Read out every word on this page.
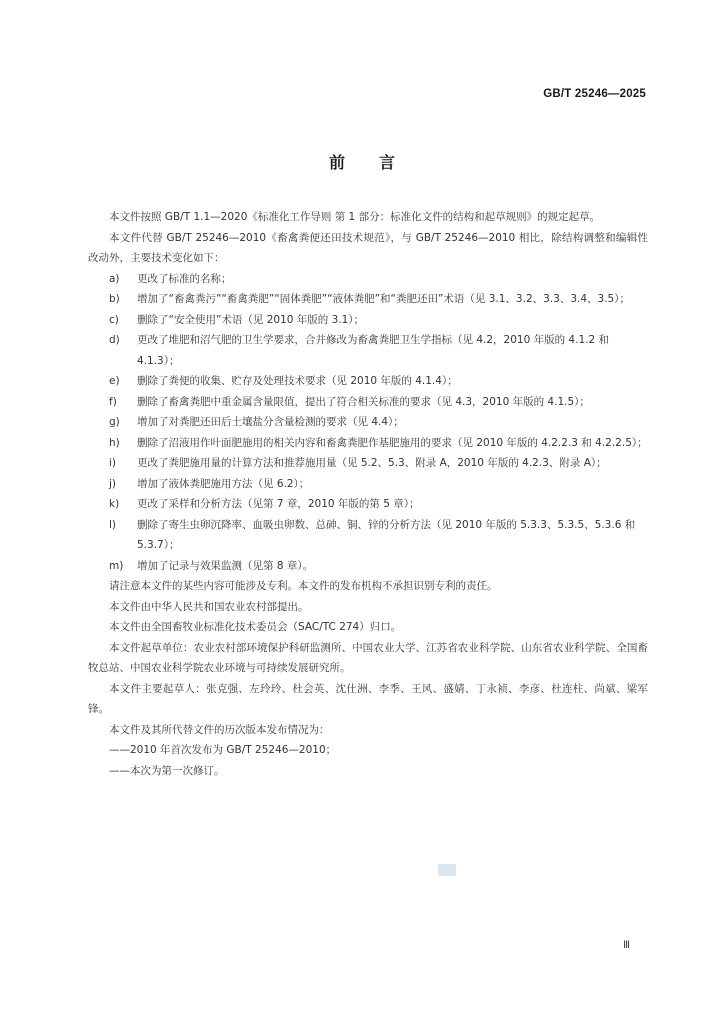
GB/T 25246—2025
前言

本文件按照 GB/T 1.1—2020《标准化工作导则 第 1 部分：标准化文件的结构和起草规则》的规定起草。

本文件代替 GB/T 25246—2010《畜禽粪便还田技术规范》，与 GB/T 25246—2010 相比，除结构调整和编辑性改动外，主要技术变化如下：

a)	更改了标准的名称；
b)	增加了“畜禽粪污”“畜禽粪肥”“固体粪肥”“液体粪肥”和“粪肥还田”术语（见 3.1、3.2、3.3、3.4、3.5）；
c)	删除了“安全使用”术语（见 2010 年版的 3.1）；
d)	更改了堆肥和沼气肥的卫生学要求，合并修改为畜禽粪肥卫生学指标（见 4.2，2010 年版的 4.1.2 和 4.1.3）；
e)	删除了粪便的收集、贮存及处理技术要求（见 2010 年版的 4.1.4）；
f)	删除了畜禽粪肥中重金属含量限值，提出了符合相关标准的要求（见 4.3，2010 年版的 4.1.5）；
g)	增加了对粪肥还田后土壤盐分含量检测的要求（见 4.4）；
h)	删除了沼液用作叶面肥施用的相关内容和畜禽粪肥作基肥施用的要求（见 2010 年版的 4.2.2.3 和 4.2.2.5）；
i)	更改了粪肥施用量的计算方法和推荐施用量（见 5.2、5.3、附录 A，2010 年版的 4.2.3、附录 A）；
j)	增加了液体粪肥施用方法（见 6.2）；
k)	更改了采样和分析方法（见第 7 章，2010 年版的第 5 章）；
l)	删除了寄生虫卵沉降率、血吸虫卵数、总砷、铜、锌的分析方法（见 2010 年版的 5.3.3、5.3.5、5.3.6 和 5.3.7）；
m)	增加了记录与效果监测（见第 8 章）。

请注意本文件的某些内容可能涉及专利。本文件的发布机构不承担识别专利的责任。

本文件由中华人民共和国农业农村部提出。

本文件由全国畜牧业标准化技术委员会（SAC/TC 274）归口。

本文件起草单位：农业农村部环境保护科研监测所、中国农业大学、江苏省农业科学院、山东省农业科学院、全国畜牧总站、中国农业科学院农业环境与可持续发展研究所。

本文件主要起草人：张克强、左玲玲、杜会英、沈仕洲、李季、王风、盛婧、丁永祯、李彦、杜连柱、尚斌、梁军锋。

本文件及其所代替文件的历次版本发布情况为：

——2010 年首次发布为 GB/T 25246—2010；

——本次为第一次修订。

Ⅲ
